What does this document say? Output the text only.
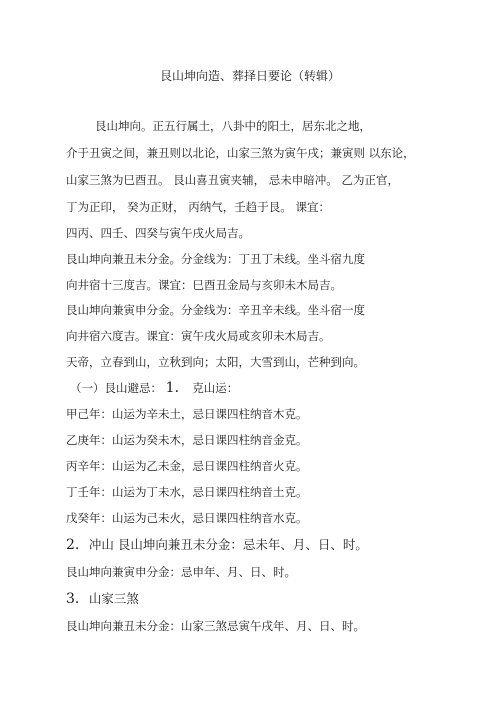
艮山坤向造、葬择日要论（转辑）
艮山坤向。正五行属土，八卦中的阳土，居东北之地，
介于丑寅之间，兼丑则以北论，山家三煞为寅午戌；兼寅则 以东论，
山家三煞为巳酉丑。 艮山喜丑寅夹辅， 忌未申暗冲。 乙为正官，
丁为正印， 癸为正财， 丙纳气，壬趋于艮。 课宜：
四丙、四壬、四癸与寅午戌火局吉。
艮山坤向兼丑未分金。分金线为：丁丑丁未线。坐斗宿九度
向井宿十三度吉。课宜：巳酉丑金局与亥卯未木局吉。
艮山坤向兼寅申分金。分金线为：辛丑辛未线。坐斗宿一度
向井宿六度吉。课宜：寅午戌火局或亥卯未木局吉。
天帝，立春到山，立秋到向；太阳，大雪到山，芒种到向。
（一）艮山避忌： 1． 克山运：
甲己年：山运为辛未土，忌日课四柱纳音木克。
乙庚年：山运为癸未木，忌日课四柱纳音金克。
丙辛年：山运为乙未金，忌日课四柱纳音火克。
丁壬年：山运为丁未水，忌日课四柱纳音土克。
戊癸年：山运为己未火，忌日课四柱纳音水克。
2．冲山 艮山坤向兼丑未分金：忌未年、月、日、时。
艮山坤向兼寅申分金：忌申年、月、日、时。
3．山家三煞
艮山坤向兼丑未分金：山家三煞忌寅午戌年、月、日、时。
